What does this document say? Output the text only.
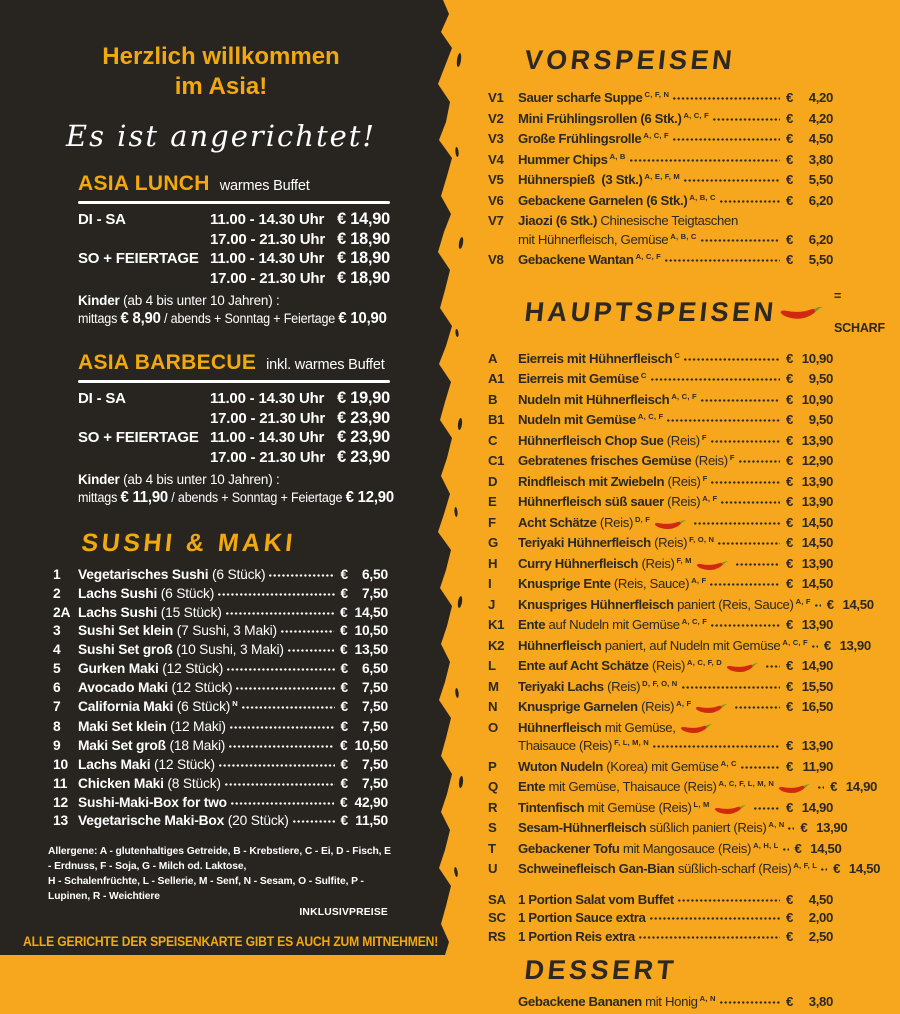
Herzlich willkommen
im Asia!
Es ist angerichtet!
ASIA LUNCH warmes Buffet
DI - SA	11.00 - 14.30 Uhr € 14,90
17.00 - 21.30 Uhr € 18,90
SO + FEIERTAGE 11.00 - 14.30 Uhr € 18,90
17.00 - 21.30 Uhr € 18,90
Kinder (ab 4 bis unter 10 Jahren) :
mittags € 8,90 / abends + Sonntag + Feiertage € 10,90
ASIA BARBECUE inkl. warmes Buffet
DI - SA	11.00 - 14.30 Uhr € 19,90
17.00 - 21.30 Uhr € 23,90
SO + FEIERTAGE 11.00 - 14.30 Uhr € 23,90
17.00 - 21.30 Uhr € 23,90
Kinder (ab 4 bis unter 10 Jahren) :
mittags € 11,90 / abends + Sonntag + Feiertage € 12,90
SUSHI & MAKI
1	Vegetarisches Sushi (6 Stück)	€	6,50
2	Lachs Sushi (6 Stück)	€	7,50
2A Lachs Sushi (15 Stück)	€ 14,50
3	Sushi Set klein (7 Sushi, 3 Maki)	€ 10,50
4	Sushi Set groß (10 Sushi, 3 Maki)	€ 13,50
5	Gurken Maki (12 Stück)	€	6,50
6	Avocado Maki (12 Stück)	€	7,50
7	California Maki (6 Stück) N	€	7,50
8	Maki Set klein (12 Maki)	€	7,50
9	Maki Set groß (18 Maki)	€ 10,50
10 Lachs Maki (12 Stück)	€	7,50
11 Chicken Maki (8 Stück)	€	7,50
12 Sushi-Maki-Box for two	€ 42,90
13 Vegetarische Maki-Box (20 Stück)	€ 11,50
Allergene: A - glutenhaltiges Getreide, B - Krebstiere, C - Ei, D - Fisch, E - Erdnuss, F - Soja, G - Milch od. Laktose,
H - Schalenfrüchte, L - Sellerie, M - Senf, N - Sesam, O - Sulfite, P - Lupinen, R - Weichtiere
INKLUSIVPREISE
ALLE GERICHTE DER SPEISENKARTE GIBT ES AUCH ZUM MITNEHMEN!
VORSPEISEN
V1	Sauer scharfe Suppe C, F, N	€	4,20
V2	Mini Frühlingsrollen (6 Stk.) A, C, F	€	4,20
V3	Große Frühlingsrolle A, C, F	€	4,50
V4	Hummer Chips A, B	€	3,80
V5	Hühnerspieß  (3 Stk.) A, E, F, M	€	5,50
V6	Gebackene Garnelen (6 Stk.) A, B, C	€	6,20
V7	Jiaozi (6 Stk.) Chinesische Teigtaschen
mit Hühnerfleisch, Gemüse A, B, C	€	6,20
V8	Gebackene Wantan A, C, F	€	5,50
HAUPTSPEISEN
= SCHARF
A	Eierreis mit Hühnerfleisch C	€ 10,90
A1	Eierreis mit Gemüse C	€	9,50
B	Nudeln mit Hühnerfleisch A, C, F	€ 10,90
B1	Nudeln mit Gemüse A, C, F	€	9,50
C	Hühnerfleisch Chop Sue (Reis) F	€ 13,90
C1	Gebratenes frisches Gemüse (Reis) F	€ 12,90
D	Rindfleisch mit Zwiebeln (Reis) F	€ 13,90
E	Hühnerfleisch süß sauer (Reis) A, F	€ 13,90
F	Acht Schätze (Reis) D, F	€ 14,50
G	Teriyaki Hühnerfleisch (Reis) F, O, N	€ 14,50
H	Curry Hühnerfleisch (Reis) F, M	€ 13,90
I	Knusprige Ente (Reis, Sauce) A, F	€ 14,50
J	Knuspriges Hühnerfleisch paniert (Reis, Sauce) A, F € 14,50
K1	Ente auf Nudeln mit Gemüse A, C, F	€ 13,90
K2	Hühnerfleisch paniert, auf Nudeln mit Gemüse A, C, F € 13,90
L	Ente auf Acht Schätze (Reis) A, C, F, D	€ 14,90
M	Teriyaki Lachs (Reis) D, F, O, N	€ 15,50
N	Knusprige Garnelen (Reis) A, F	€ 16,50
O	Hühnerfleisch mit Gemüse,
Thaisauce (Reis) F, L, M, N	€ 13,90
P	Wuton Nudeln (Korea) mit Gemüse A, C	€ 11,90
Q	Ente mit Gemüse, Thaisauce (Reis) A, C, F, L, M, N	€ 14,90
R	Tintenfisch mit Gemüse (Reis) L, M	€ 14,90
S	Sesam-Hühnerfleisch süßlich paniert (Reis) A, N € 13,90
T	Gebackener Tofu mit Mangosauce (Reis) A, H, L € 14,50
U	Schweinefleisch Gan-Bian süßlich-scharf (Reis) A, F, L € 14,50
SA 1 Portion Salat vom Buffet	€	4,50
SC 1 Portion Sauce extra	€	2,00
RS 1 Portion Reis extra	€	2,50
DESSERT
Gebackene Bananen mit Honig A, N	€	3,80
